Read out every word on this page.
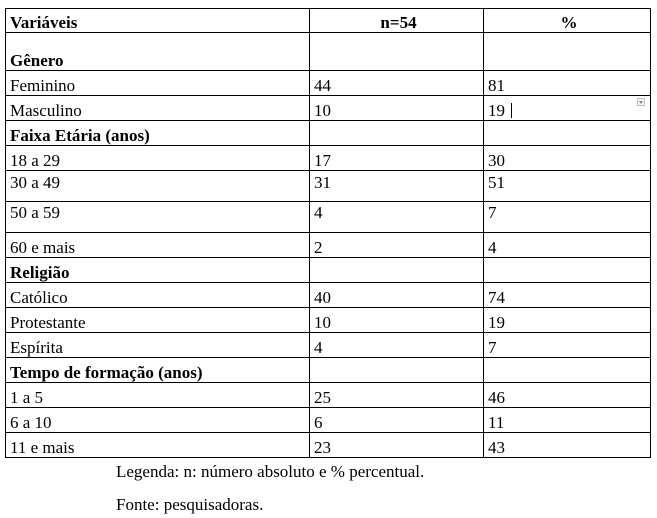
Variáveis	n=54	%
Gênero		
Feminino	44	81
Masculino	10	19
Faixa Etária (anos)		
18 a 29	17	30
30 a 49	31	51
50 a 59	4	7
60 e mais	2	4
Religião		
Católico	40	74
Protestante	10	19
Espírita	4	7
Tempo de formação (anos)		
1 a 5	25	46
6 a 10	6	11
11 e mais	23	43
Legenda: n: número absoluto e % percentual.
Fonte: pesquisadoras.
